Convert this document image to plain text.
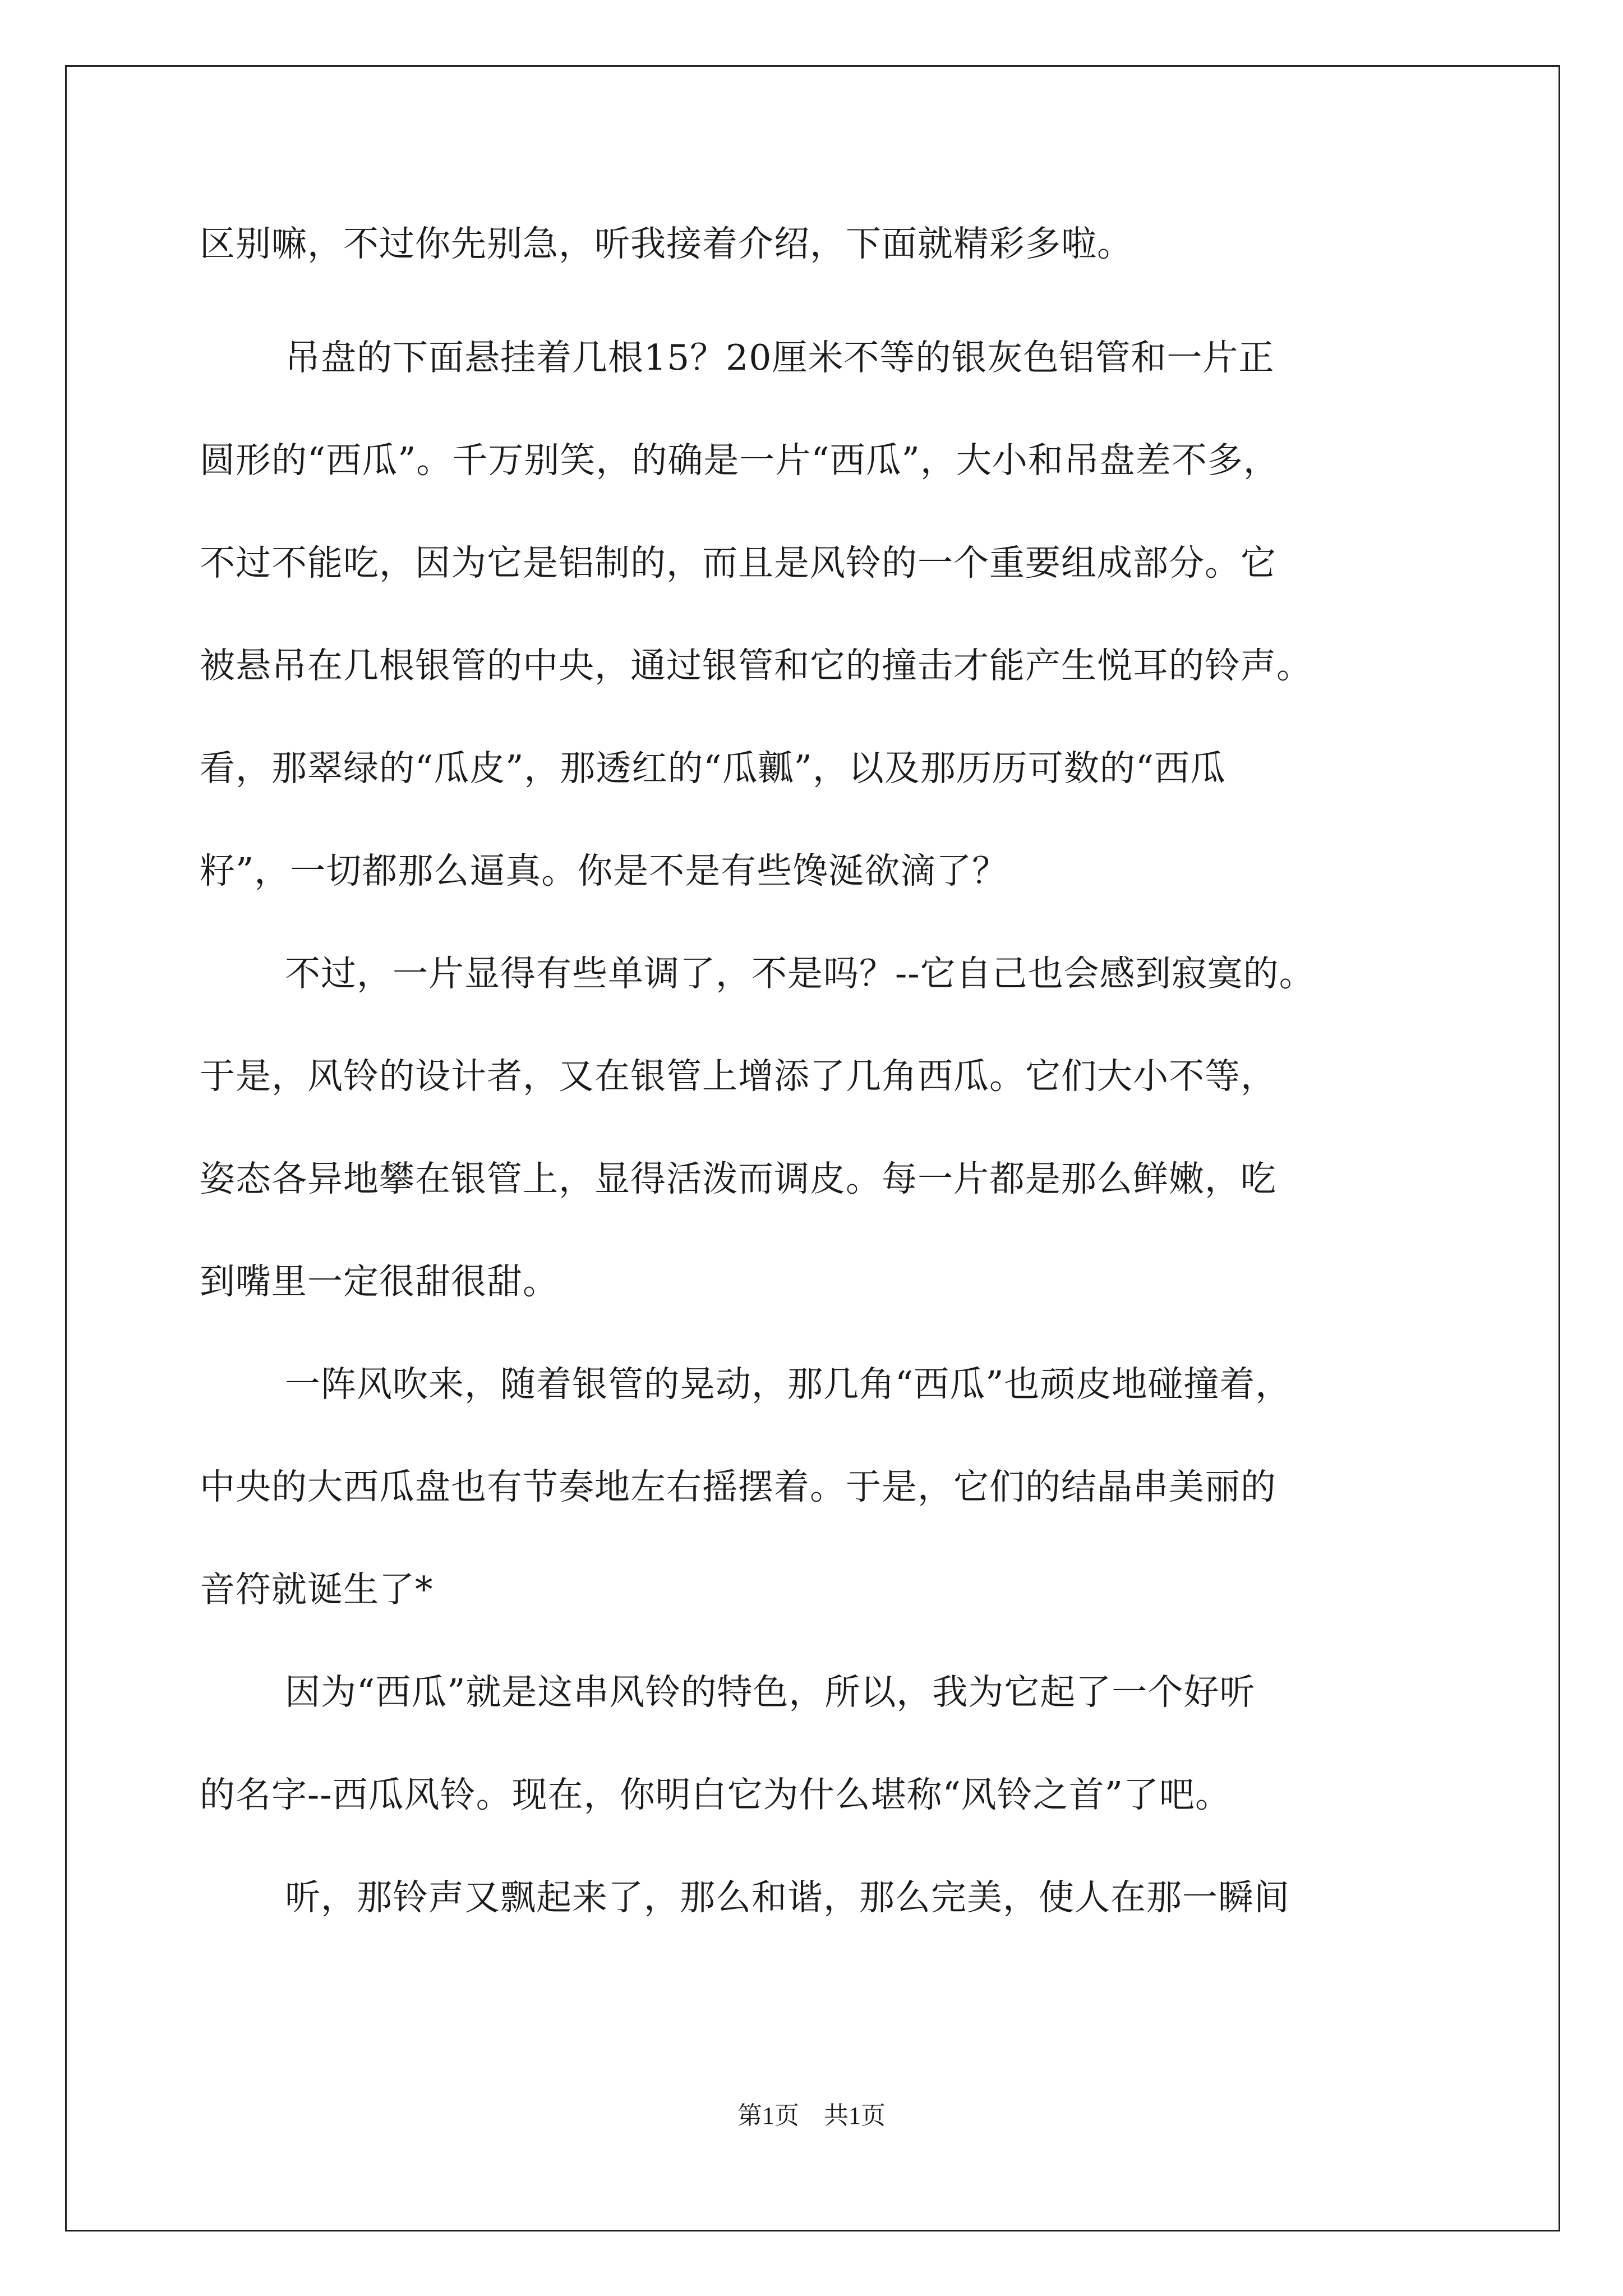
区别嘛，不过你先别急，听我接着介绍，下面就精彩多啦。
吊盘的下面悬挂着几根15？20厘米不等的银灰色铝管和一片正
圆形的“西瓜”。千万别笑，的确是一片“西瓜”，大小和吊盘差不多，
不过不能吃，因为它是铝制的，而且是风铃的一个重要组成部分。它
被悬吊在几根银管的中央，通过银管和它的撞击才能产生悦耳的铃声。
看，那翠绿的“瓜皮”，那透红的“瓜瓤”，以及那历历可数的“西瓜
籽”，一切都那么逼真。你是不是有些馋涎欲滴了？
不过，一片显得有些单调了，不是吗？--它自己也会感到寂寞的。
于是，风铃的设计者，又在银管上增添了几角西瓜。它们大小不等，
姿态各异地攀在银管上，显得活泼而调皮。每一片都是那么鲜嫩，吃
到嘴里一定很甜很甜。
一阵风吹来，随着银管的晃动，那几角“西瓜”也顽皮地碰撞着，
中央的大西瓜盘也有节奏地左右摇摆着。于是，它们的结晶串美丽的
音符就诞生了*
因为“西瓜”就是这串风铃的特色，所以，我为它起了一个好听
的名字--西瓜风铃。现在，你明白它为什么堪称“风铃之首”了吧。
听，那铃声又飘起来了，那么和谐，那么完美，使人在那一瞬间
第1页　共1页
